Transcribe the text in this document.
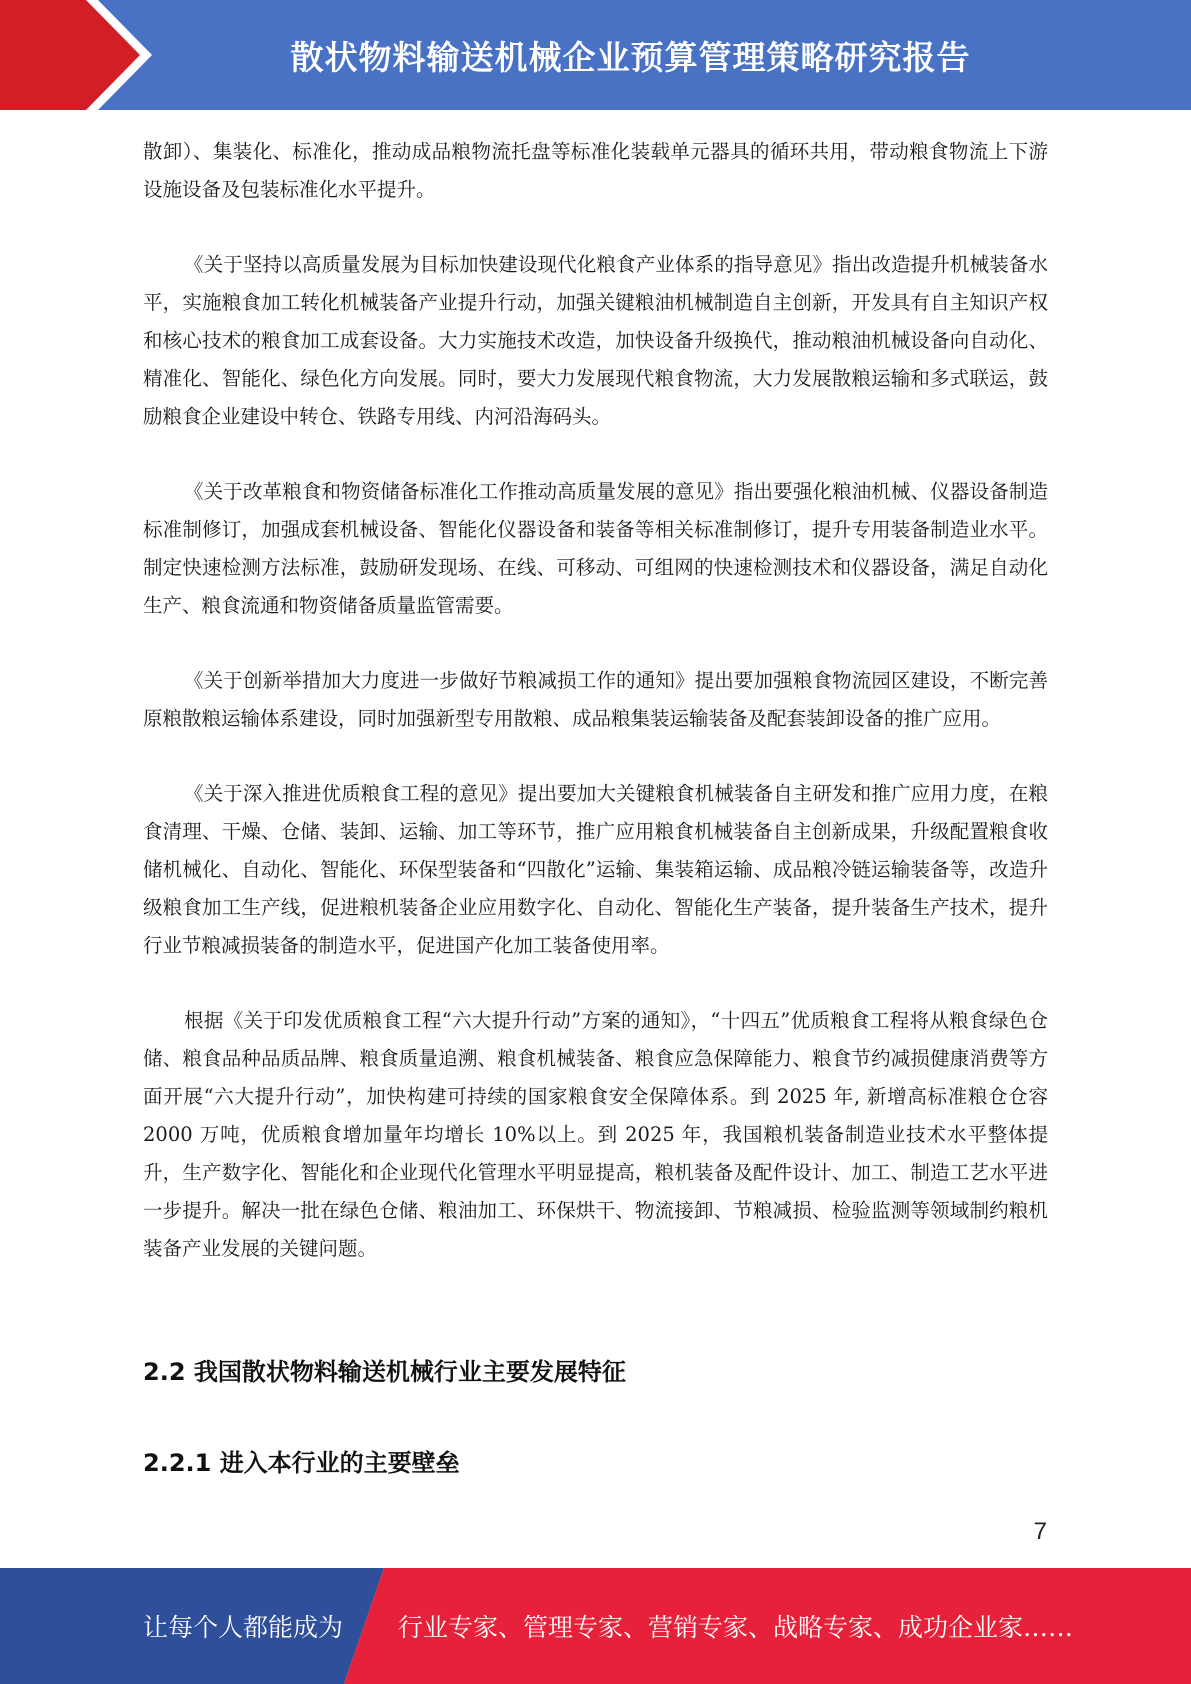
散状物料输送机械企业预算管理策略研究报告

散卸）、集装化、标准化，推动成品粮物流托盘等标准化装载单元器具的循环共用，带动粮食物流上下游设施设备及包装标准化水平提升。

《关于坚持以高质量发展为目标加快建设现代化粮食产业体系的指导意见》指出改造提升机械装备水平，实施粮食加工转化机械装备产业提升行动，加强关键粮油机械制造自主创新，开发具有自主知识产权和核心技术的粮食加工成套设备。大力实施技术改造，加快设备升级换代，推动粮油机械设备向自动化、精准化、智能化、绿色化方向发展。同时，要大力发展现代粮食物流，大力发展散粮运输和多式联运，鼓励粮食企业建设中转仓、铁路专用线、内河沿海码头。

《关于改革粮食和物资储备标准化工作推动高质量发展的意见》指出要强化粮油机械、仪器设备制造标准制修订，加强成套机械设备、智能化仪器设备和装备等相关标准制修订，提升专用装备制造业水平。制定快速检测方法标准，鼓励研发现场、在线、可移动、可组网的快速检测技术和仪器设备，满足自动化生产、粮食流通和物资储备质量监管需要。

《关于创新举措加大力度进一步做好节粮减损工作的通知》提出要加强粮食物流园区建设，不断完善原粮散粮运输体系建设，同时加强新型专用散粮、成品粮集装运输装备及配套装卸设备的推广应用。

《关于深入推进优质粮食工程的意见》提出要加大关键粮食机械装备自主研发和推广应用力度，在粮食清理、干燥、仓储、装卸、运输、加工等环节，推广应用粮食机械装备自主创新成果，升级配置粮食收储机械化、自动化、智能化、环保型装备和“四散化”运输、集装箱运输、成品粮冷链运输装备等，改造升级粮食加工生产线，促进粮机装备企业应用数字化、自动化、智能化生产装备，提升装备生产技术，提升行业节粮减损装备的制造水平，促进国产化加工装备使用率。

根据《关于印发优质粮食工程“六大提升行动”方案的通知》，“十四五”优质粮食工程将从粮食绿色仓储、粮食品种品质品牌、粮食质量追溯、粮食机械装备、粮食应急保障能力、粮食节约减损健康消费等方面开展“六大提升行动”，加快构建可持续的国家粮食安全保障体系。到 2025 年, 新增高标准粮仓仓容 2000 万吨，优质粮食增加量年均增长 10%以上。到 2025 年，我国粮机装备制造业技术水平整体提升，生产数字化、智能化和企业现代化管理水平明显提高，粮机装备及配件设计、加工、制造工艺水平进一步提升。解决一批在绿色仓储、粮油加工、环保烘干、物流接卸、节粮减损、检验监测等领域制约粮机装备产业发展的关键问题。

2.2 我国散状物料输送机械行业主要发展特征
2.2.1 进入本行业的主要壁垒
7
让每个人都能成为 行业专家、管理专家、营销专家、战略专家、成功企业家……
